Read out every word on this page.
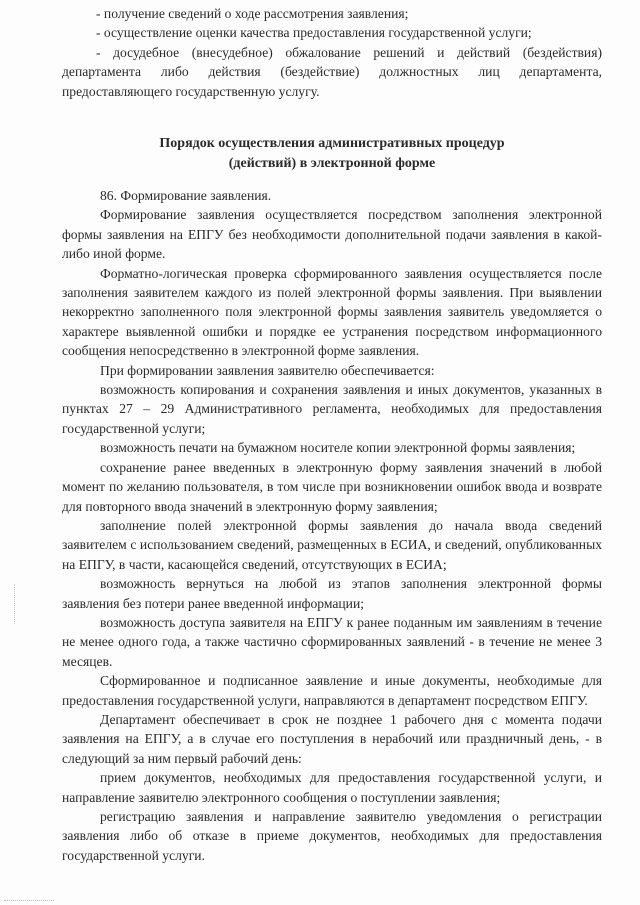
- получение сведений о ходе рассмотрения заявления;

- осуществление оценки качества предоставления государственной услуги;

- досудебное (внесудебное) обжалование решений и действий (бездействия) департамента либо действия (бездействие) должностных лиц департамента, предоставляющего государственную услугу.

Порядок осуществления административных процедур
(действий) в электронной форме

86. Формирование заявления.

Формирование заявления осуществляется посредством заполнения электронной формы заявления на ЕПГУ без необходимости дополнительной подачи заявления в какой-либо иной форме.

Форматно-логическая проверка сформированного заявления осуществляется после заполнения заявителем каждого из полей электронной формы заявления. При выявлении некорректно заполненного поля электронной формы заявления заявитель уведомляется о характере выявленной ошибки и порядке ее устранения посредством информационного сообщения непосредственно в электронной форме заявления.

При формировании заявления заявителю обеспечивается:

возможность копирования и сохранения заявления и иных документов, указанных в пунктах 27 – 29 Административного регламента, необходимых для предоставления государственной услуги;

возможность печати на бумажном носителе копии электронной формы заявления;

сохранение ранее введенных в электронную форму заявления значений в любой момент по желанию пользователя, в том числе при возникновении ошибок ввода и возврате для повторного ввода значений в электронную форму заявления;

заполнение полей электронной формы заявления до начала ввода сведений заявителем с использованием сведений, размещенных в ЕСИА, и сведений, опубликованных на ЕПГУ, в части, касающейся сведений, отсутствующих в ЕСИА;

возможность вернуться на любой из этапов заполнения электронной формы заявления без потери ранее введенной информации;

возможность доступа заявителя на ЕПГУ к ранее поданным им заявлениям в течение не менее одного года, а также частично сформированных заявлений - в течение не менее 3 месяцев.

Сформированное и подписанное заявление и иные документы, необходимые для предоставления государственной услуги, направляются в департамент посредством ЕПГУ.

Департамент обеспечивает в срок не позднее 1 рабочего дня с момента подачи заявления на ЕПГУ, а в случае его поступления в нерабочий или праздничный день, - в следующий за ним первый рабочий день:

прием документов, необходимых для предоставления государственной услуги, и направление заявителю электронного сообщения о поступлении заявления;

регистрацию заявления и направление заявителю уведомления о регистрации заявления либо об отказе в приеме документов, необходимых для предоставления государственной услуги.
